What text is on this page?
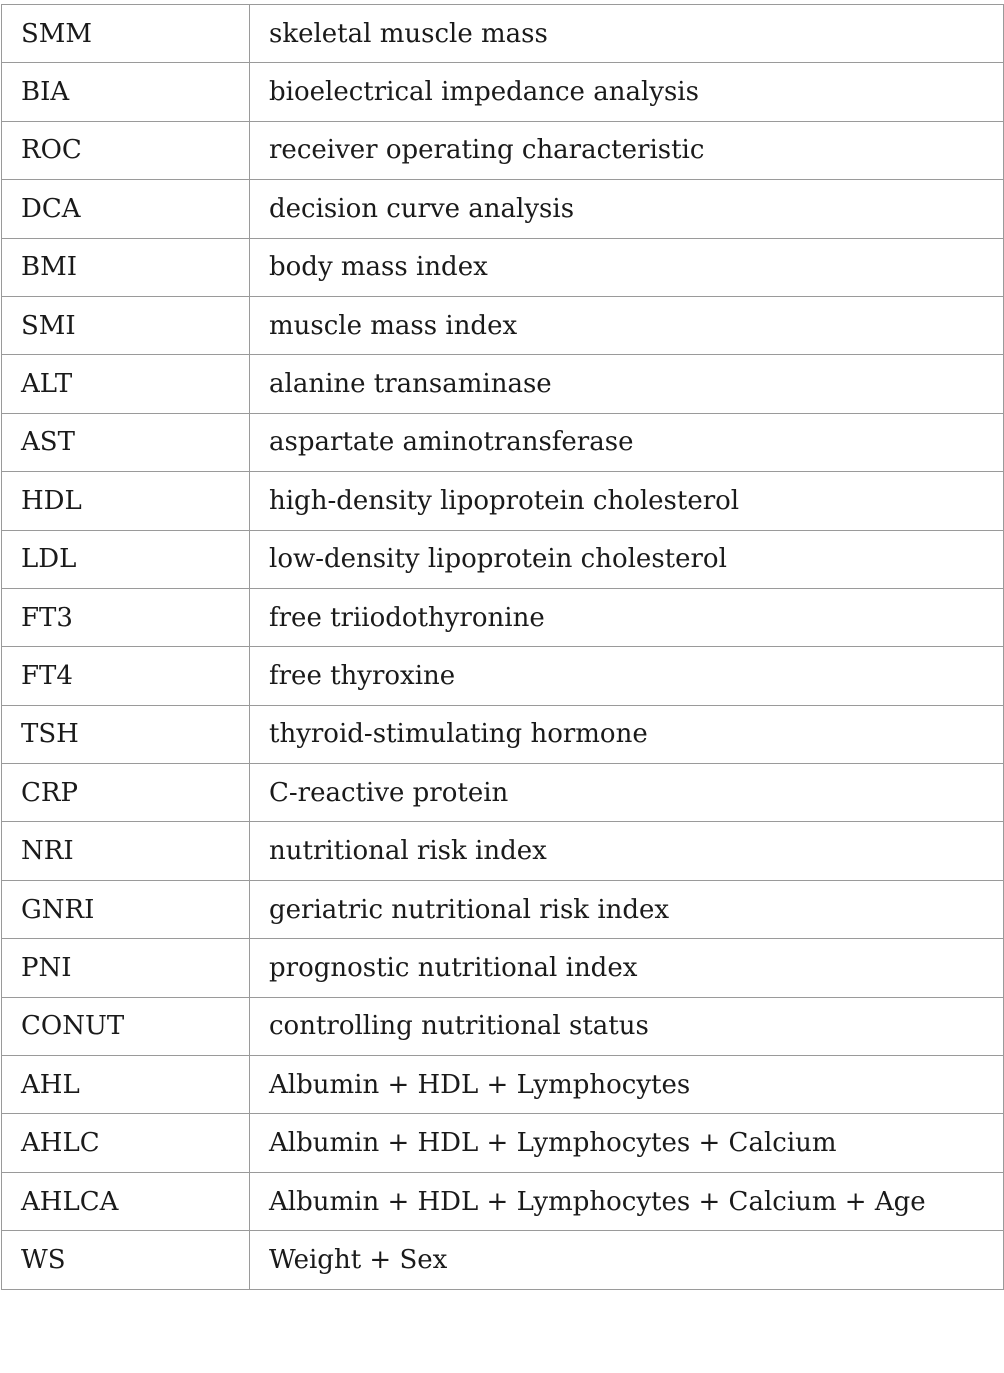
SMM	skeletal muscle mass
BIA	bioelectrical impedance analysis
ROC	receiver operating characteristic
DCA	decision curve analysis
BMI	body mass index
SMI	muscle mass index
ALT	alanine transaminase
AST	aspartate aminotransferase
HDL	high-density lipoprotein cholesterol
LDL	low-density lipoprotein cholesterol
FT3	free triiodothyronine
FT4	free thyroxine
TSH	thyroid-stimulating hormone
CRP	C-reactive protein
NRI	nutritional risk index
GNRI	geriatric nutritional risk index
PNI	prognostic nutritional index
CONUT	controlling nutritional status
AHL	Albumin + HDL + Lymphocytes
AHLC	Albumin + HDL + Lymphocytes + Calcium
AHLCA	Albumin + HDL + Lymphocytes + Calcium + Age
WS	Weight + Sex
